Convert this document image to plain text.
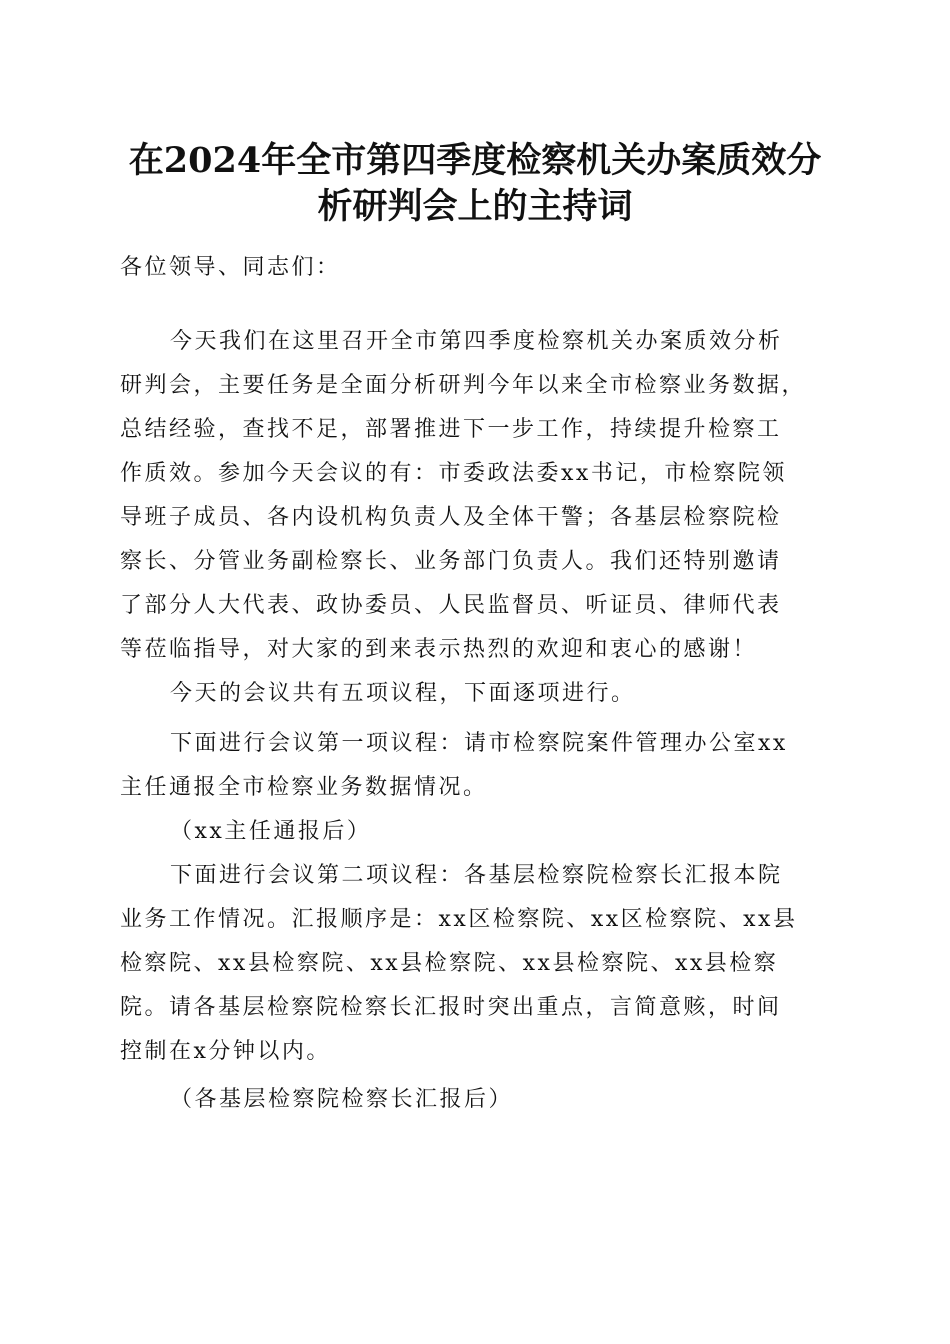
在2024年全市第四季度检察机关办案质效分
析研判会上的主持词

各位领导、同志们：

今天我们在这里召开全市第四季度检察机关办案质效分析

研判会，主要任务是全面分析研判今年以来全市检察业务数据，

总结经验，查找不足，部署推进下一步工作，持续提升检察工

作质效。参加今天会议的有：市委政法委xx书记，市检察院领

导班子成员、各内设机构负责人及全体干警；各基层检察院检

察长、分管业务副检察长、业务部门负责人。我们还特别邀请

了部分人大代表、政协委员、人民监督员、听证员、律师代表

等莅临指导，对大家的到来表示热烈的欢迎和衷心的感谢！

今天的会议共有五项议程，下面逐项进行。

下面进行会议第一项议程：请市检察院案件管理办公室xx

主任通报全市检察业务数据情况。

（xx主任通报后）

下面进行会议第二项议程：各基层检察院检察长汇报本院

业务工作情况。汇报顺序是：xx区检察院、xx区检察院、xx县

检察院、xx县检察院、xx县检察院、xx县检察院、xx县检察

院。请各基层检察院检察长汇报时突出重点，言简意赅，时间

控制在x分钟以内。

（各基层检察院检察长汇报后）
